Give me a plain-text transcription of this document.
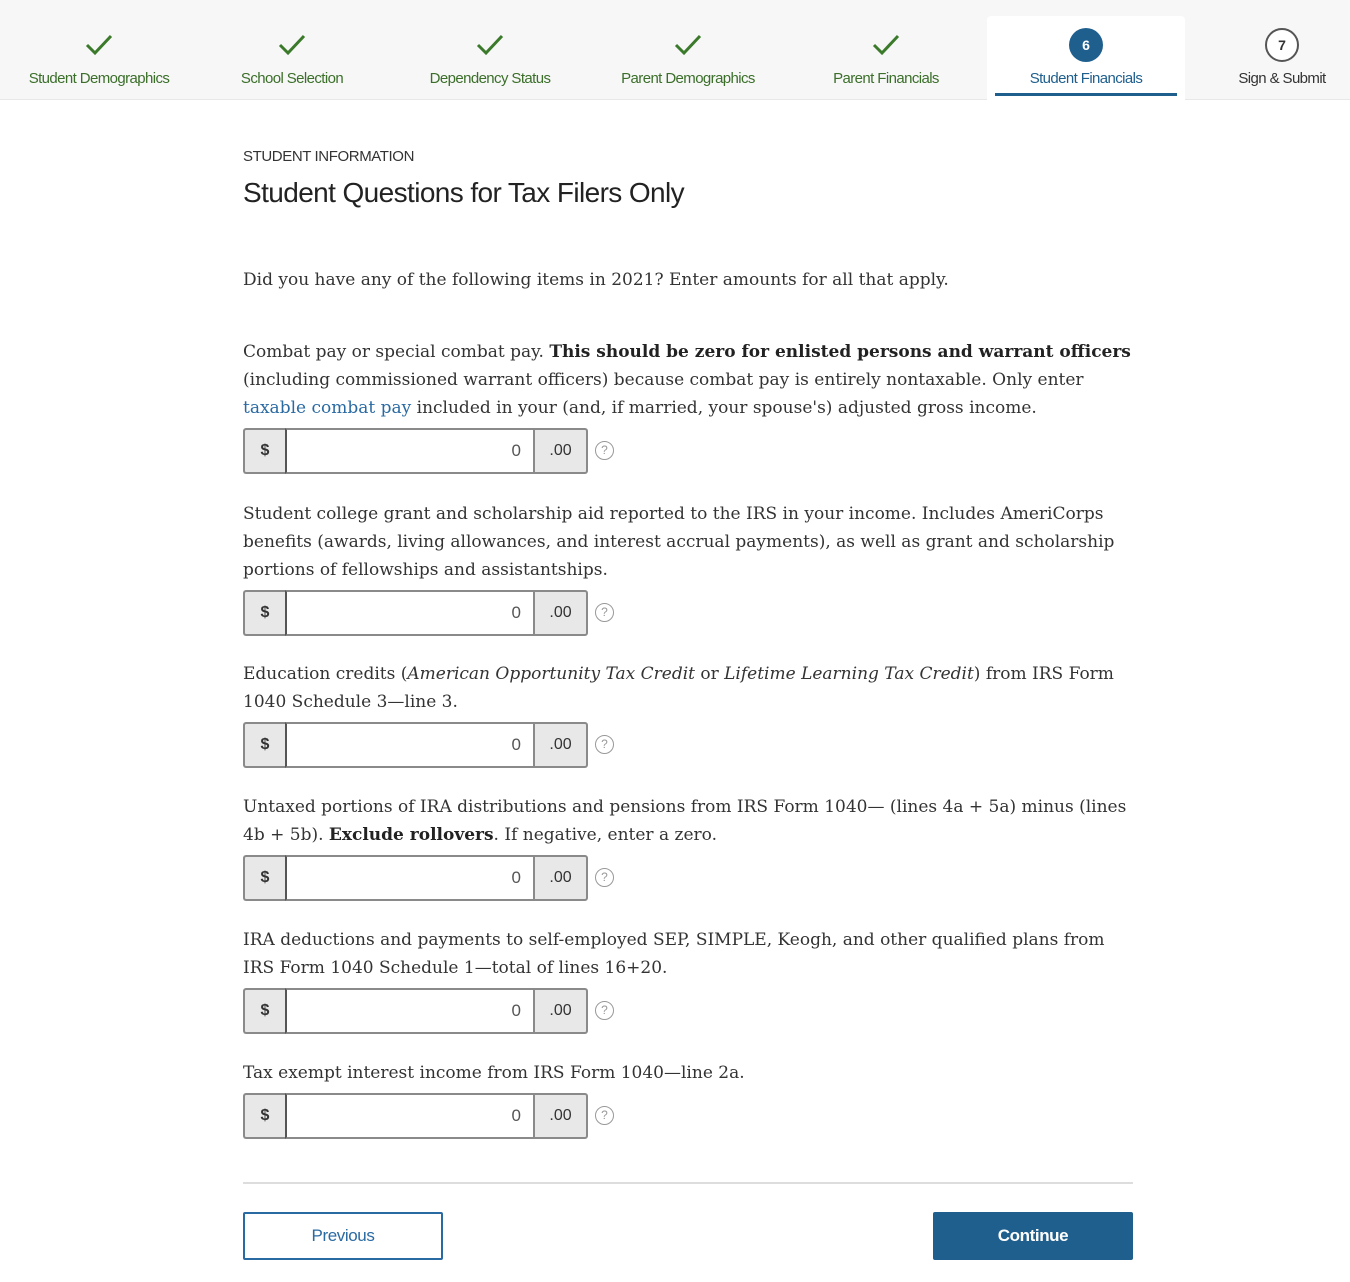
Student Demographics	School Selection	Dependency Status	Parent Demographics	Parent Financials
6
Student Financials
7
Sign & Submit
STUDENT INFORMATION
Student Questions for Tax Filers Only

Did you have any of the following items in 2021? Enter amounts for all that apply.

Combat pay or special combat pay. This should be zero for enlisted persons and warrant officers (including commissioned warrant officers) because combat pay is entirely nontaxable. Only enter taxable combat pay included in your (and, if married, your spouse's) adjusted gross income.

$
0	.00	?

Student college grant and scholarship aid reported to the IRS in your income. Includes AmeriCorps benefits (awards, living allowances, and interest accrual payments), as well as grant and scholarship portions of fellowships and assistantships.

$
0	.00	?

Education credits (American Opportunity Tax Credit or Lifetime Learning Tax Credit) from IRS Form 1040 Schedule 3—line 3.

$
0	.00	?

Untaxed portions of IRA distributions and pensions from IRS Form 1040— (lines 4a + 5a) minus (lines 4b + 5b). Exclude rollovers. If negative, enter a zero.

$
0	.00	?

IRA deductions and payments to self-employed SEP, SIMPLE, Keogh, and other qualified plans from IRS Form 1040 Schedule 1—total of lines 16+20.

$
0	.00	?

Tax exempt interest income from IRS Form 1040—line 2a.

$
0	.00	?
Previous	Continue
